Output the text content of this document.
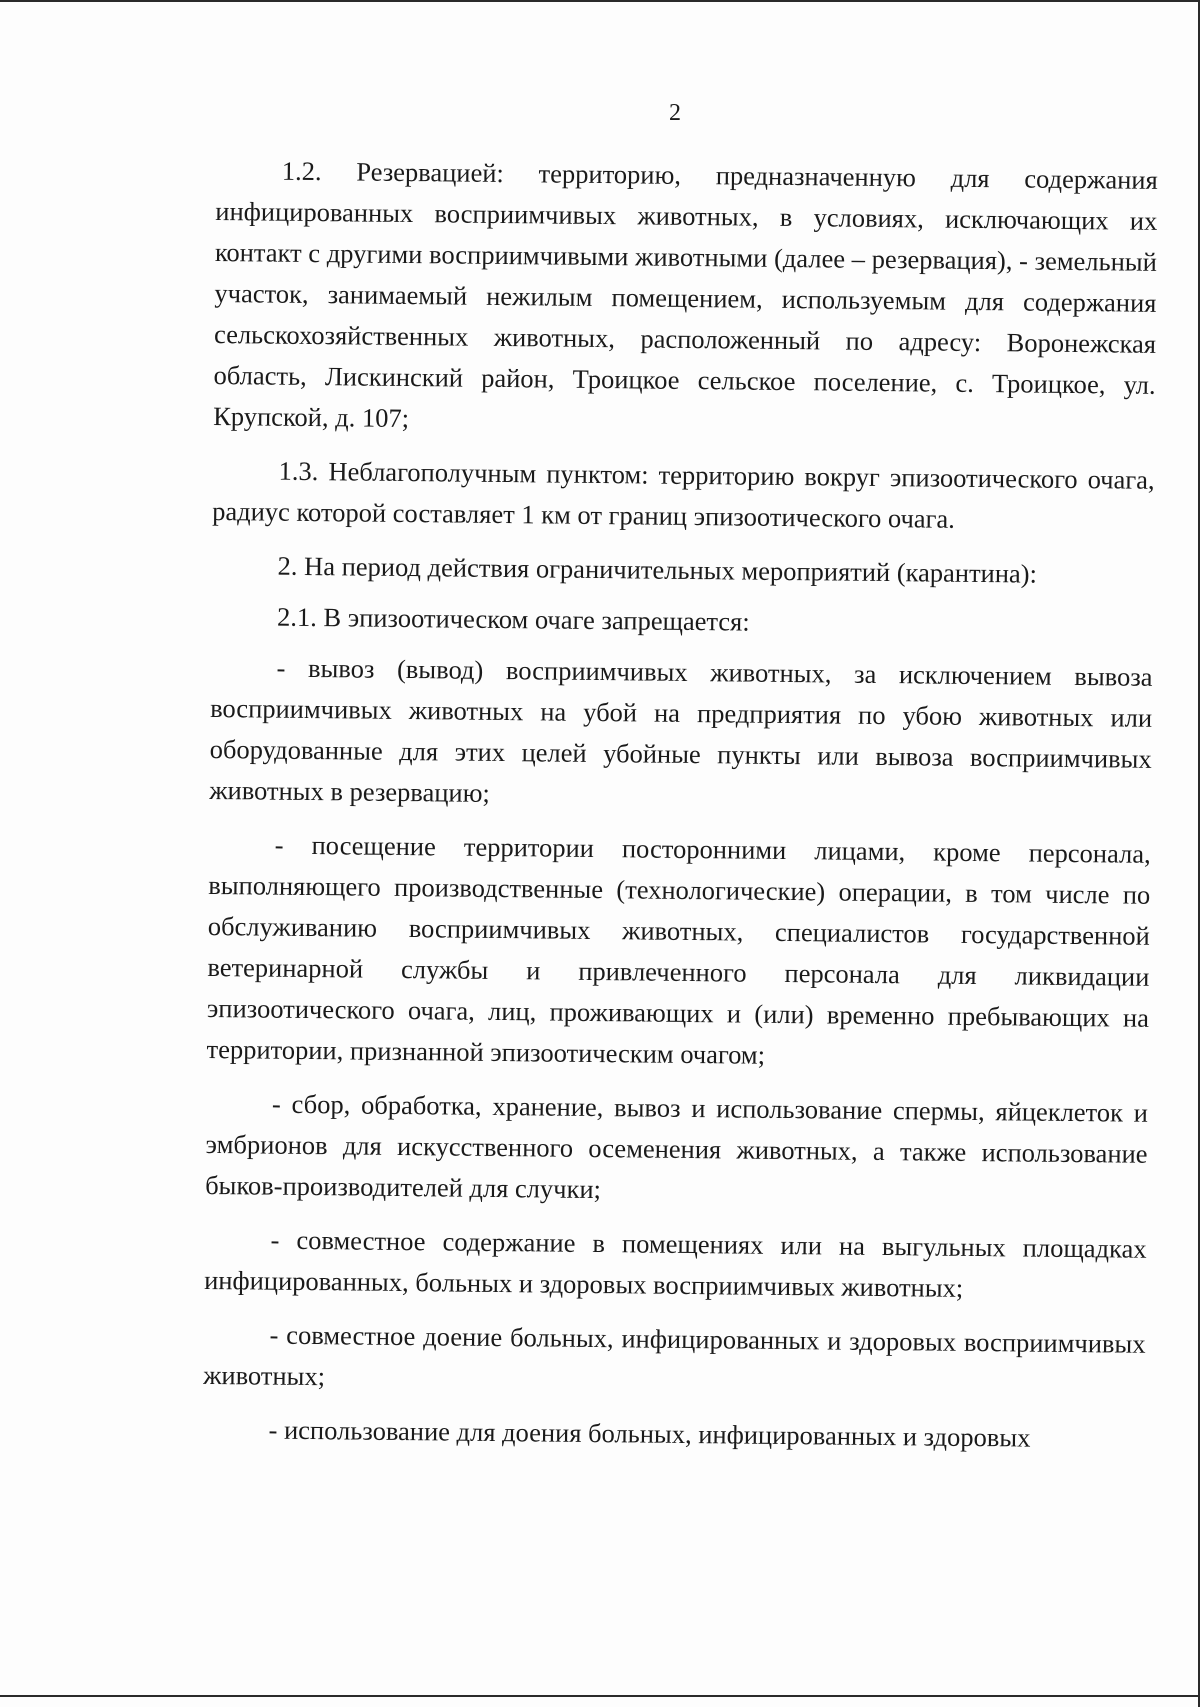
2

1.2. Резервацией: территорию, предназначенную для содержания инфицированных восприимчивых животных, в условиях, исключающих их контакт с другими восприимчивыми животными (далее – резервация), - земельный участок, занимаемый нежилым помещением, используемым для содержания сельскохозяйственных животных, расположенный по адресу: Воронежская область, Лискинский район, Троицкое сельское поселение, с. Троицкое, ул. Крупской, д. 107;

1.3. Неблагополучным пунктом: территорию вокруг эпизоотического очага, радиус которой составляет 1 км от границ эпизоотического очага.

2. На период действия ограничительных мероприятий (карантина):

2.1. В эпизоотическом очаге запрещается:

- вывоз (вывод) восприимчивых животных, за исключением вывоза восприимчивых животных на убой на предприятия по убою животных или оборудованные для этих целей убойные пункты или вывоза восприимчивых животных в резервацию;

- посещение территории посторонними лицами, кроме персонала, выполняющего производственные (технологические) операции, в том числе по обслуживанию восприимчивых животных, специалистов государственной ветеринарной службы и привлеченного персонала для ликвидации эпизоотического очага, лиц, проживающих и (или) временно пребывающих на территории, признанной эпизоотическим очагом;

- сбор, обработка, хранение, вывоз и использование спермы, яйцеклеток и эмбрионов для искусственного осеменения животных, а также использование быков-производителей для случки;

- совместное содержание в помещениях или на выгульных площадках инфицированных, больных и здоровых восприимчивых животных;

- совместное доение больных, инфицированных и здоровых восприимчивых животных;

- использование для доения больных, инфицированных и здоровых
